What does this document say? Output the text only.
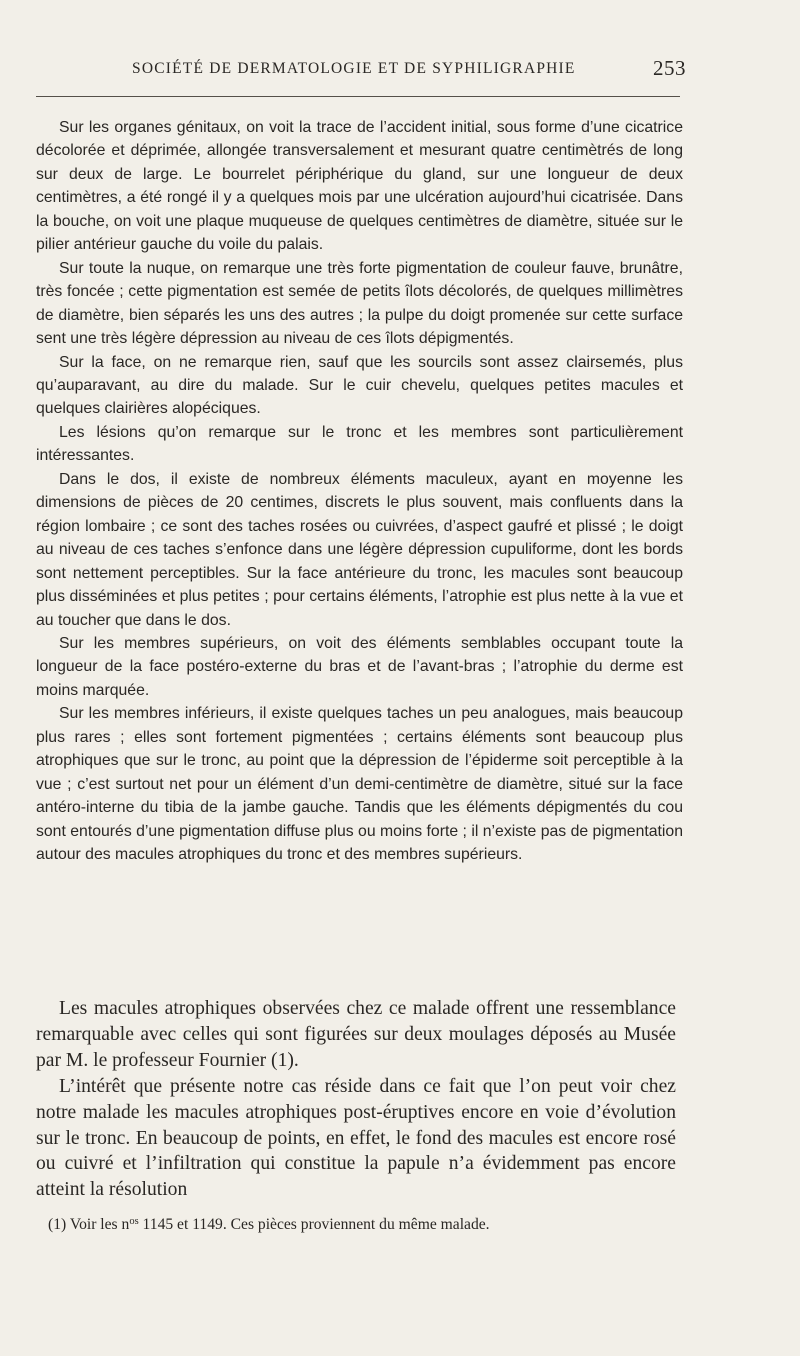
SOCIÉTÉ DE DERMATOLOGIE ET DE SYPHILIGRAPHIE	253

Sur les organes génitaux, on voit la trace de l’accident initial, sous forme d’une cicatrice décolorée et déprimée, allongée transversalement et mesurant quatre centimètrés de long sur deux de large. Le bourrelet périphérique du gland, sur une longueur de deux centimètres, a été rongé il y a quelques mois par une ulcération aujourd’hui cicatrisée. Dans la bouche, on voit une plaque muqueuse de quelques centimètres de diamètre, située sur le pilier antérieur gauche du voile du palais.

Sur toute la nuque, on remarque une très forte pigmentation de couleur fauve, brunâtre, très foncée ; cette pigmentation est semée de petits îlots décolorés, de quelques millimètres de diamètre, bien séparés les uns des autres ; la pulpe du doigt promenée sur cette surface sent une très légère dépression au niveau de ces îlots dépigmentés.

Sur la face, on ne remarque rien, sauf que les sourcils sont assez clairsemés, plus qu’auparavant, au dire du malade. Sur le cuir chevelu, quelques petites macules et quelques clairières alopéciques.

Les lésions qu’on remarque sur le tronc et les membres sont particulièrement intéressantes.

Dans le dos, il existe de nombreux éléments maculeux, ayant en moyenne les dimensions de pièces de 20 centimes, discrets le plus souvent, mais confluents dans la région lombaire ; ce sont des taches rosées ou cuivrées, d’aspect gaufré et plissé ; le doigt au niveau de ces taches s’enfonce dans une légère dépression cupuliforme, dont les bords sont nettement perceptibles. Sur la face antérieure du tronc, les macules sont beaucoup plus disséminées et plus petites ; pour certains éléments, l’atrophie est plus nette à la vue et au toucher que dans le dos.

Sur les membres supérieurs, on voit des éléments semblables occupant toute la longueur de la face postéro-externe du bras et de l’avant-bras ; l’atrophie du derme est moins marquée.

Sur les membres inférieurs, il existe quelques taches un peu analogues, mais beaucoup plus rares ; elles sont fortement pigmentées ; certains éléments sont beaucoup plus atrophiques que sur le tronc, au point que la dépression de l’épiderme soit perceptible à la vue ; c’est surtout net pour un élément d’un demi-centimètre de diamètre, situé sur la face antéro-interne du tibia de la jambe gauche. Tandis que les éléments dépigmentés du cou sont entourés d’une pigmentation diffuse plus ou moins forte ; il n’existe pas de pigmentation autour des macules atrophiques du tronc et des membres supérieurs.

Les macules atrophiques observées chez ce malade offrent une ressemblance remarquable avec celles qui sont figurées sur deux moulages déposés au Musée par M. le professeur Fournier (1).

L’intérêt que présente notre cas réside dans ce fait que l’on peut voir chez notre malade les macules atrophiques post-éruptives encore en voie d’évolution sur le tronc. En beaucoup de points, en effet, le fond des macules est encore rosé ou cuivré et l’infiltration qui constitue la papule n’a évidemment pas encore atteint la résolution

(1) Voir les $n^{os}$ 1145 et 1149. Ces pièces proviennent du même malade.
